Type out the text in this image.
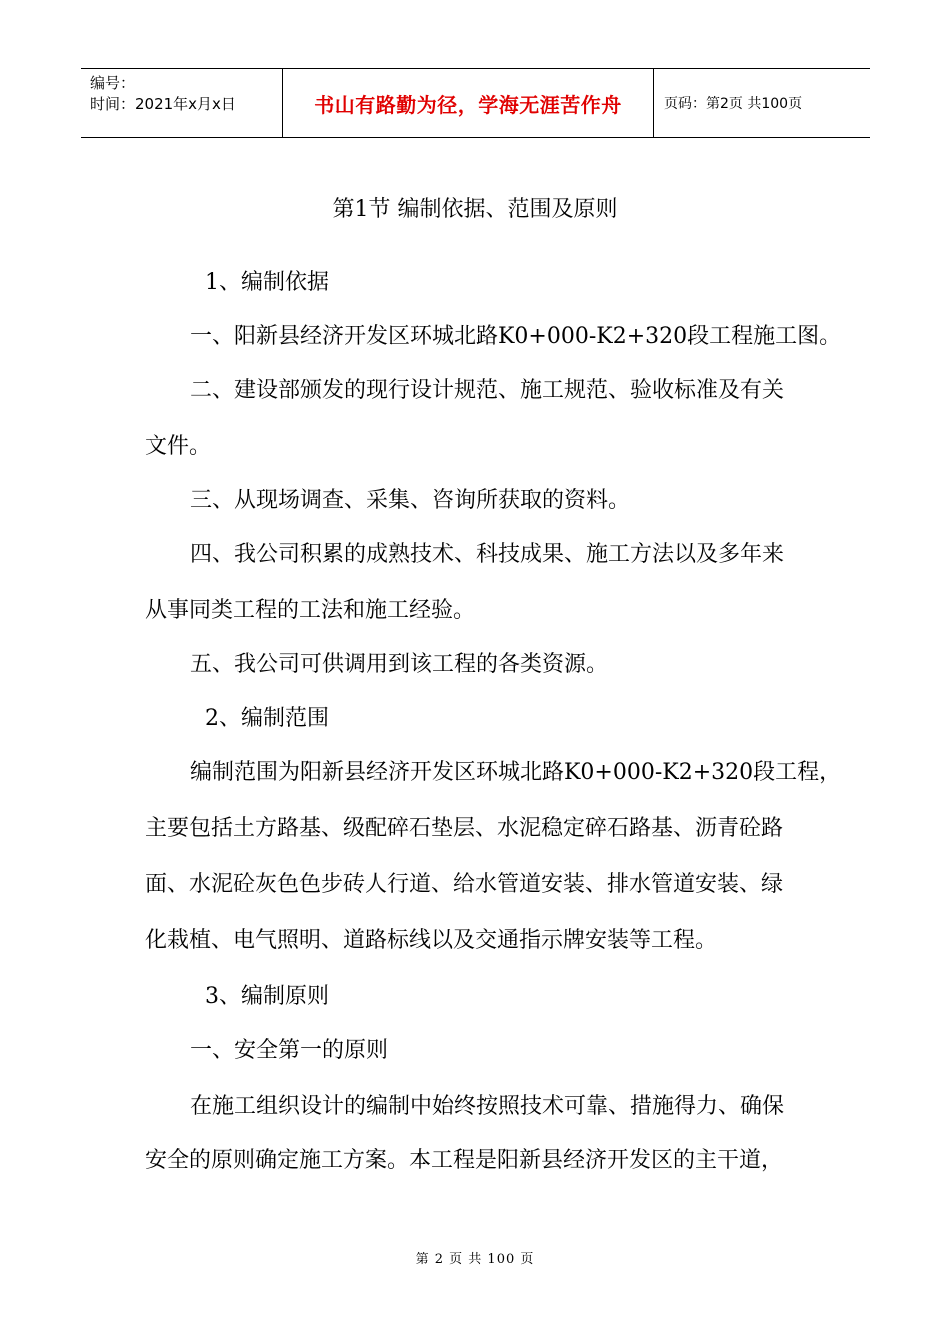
编号：
时间：2021年x月x日	书山有路勤为径，学海无涯苦作舟	页码：第2页 共100页
第1节 编制依据、范围及原则
1、编制依据
一、阳新县经济开发区环城北路K0+000-K2+320段工程施工图。
二、建设部颁发的现行设计规范、施工规范、验收标准及有关
文件。
三、从现场调查、采集、咨询所获取的资料。
四、我公司积累的成熟技术、科技成果、施工方法以及多年来
从事同类工程的工法和施工经验。
五、我公司可供调用到该工程的各类资源。
2、编制范围
编制范围为阳新县经济开发区环城北路K0+000-K2+320段工程，
主要包括土方路基、级配碎石垫层、水泥稳定碎石路基、沥青砼路
面、水泥砼灰色色步砖人行道、给水管道安装、排水管道安装、绿
化栽植、电气照明、道路标线以及交通指示牌安装等工程。
3、编制原则
一、安全第一的原则
在施工组织设计的编制中始终按照技术可靠、措施得力、确保
安全的原则确定施工方案。本工程是阳新县经济开发区的主干道，
第 2 页 共 100 页
